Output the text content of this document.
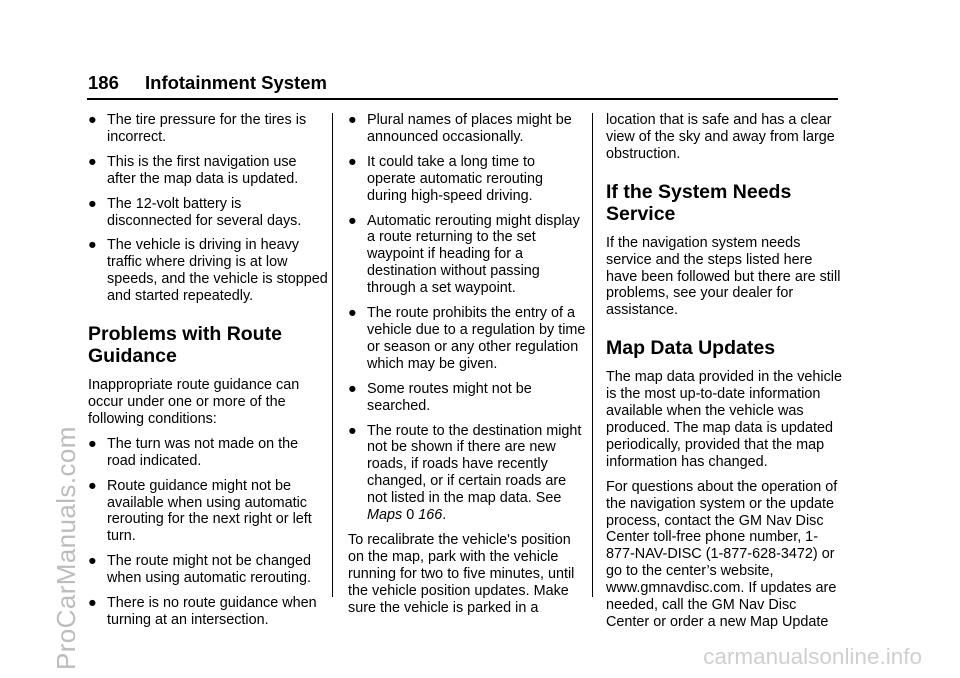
186 Infotainment System
● The tire pressure for the tires is incorrect.
● This is the first navigation use after the map data is updated.
● The 12-volt battery is disconnected for several days.
● The vehicle is driving in heavy traffic where driving is at low speeds, and the vehicle is stopped and started repeatedly.
Problems with Route Guidance

Inappropriate route guidance can occur under one or more of the following conditions:

● The turn was not made on the road indicated.
● Route guidance might not be available when using automatic rerouting for the next right or left turn.
● The route might not be changed when using automatic rerouting.
● There is no route guidance when turning at an intersection.
● Plural names of places might be announced occasionally.
● It could take a long time to operate automatic rerouting during high-speed driving.
● Automatic rerouting might display a route returning to the set waypoint if heading for a destination without passing through a set waypoint.
● The route prohibits the entry of a vehicle due to a regulation by time or season or any other regulation which may be given.
● Some routes might not be searched.
● The route to the destination might not be shown if there are new roads, if roads have recently changed, or if certain roads are not listed in the map data. See Maps 0 166.

To recalibrate the vehicle's position on the map, park with the vehicle running for two to five minutes, until the vehicle position updates. Make sure the vehicle is parked in a

location that is safe and has a clear view of the sky and away from large obstruction.

If the System Needs Service

If the navigation system needs service and the steps listed here have been followed but there are still problems, see your dealer for assistance.

Map Data Updates

The map data provided in the vehicle is the most up-to-date information available when the vehicle was produced. The map data is updated periodically, provided that the map information has changed.

For questions about the operation of the navigation system or the update process, contact the GM Nav Disc Center toll-free phone number, 1-877-NAV-DISC (1-877-628-3472) or go to the center’s website, www.gmnavdisc.com. If updates are needed, call the GM Nav Disc Center or order a new Map Update

ProCarManuals.com	carmanualsonline.info
